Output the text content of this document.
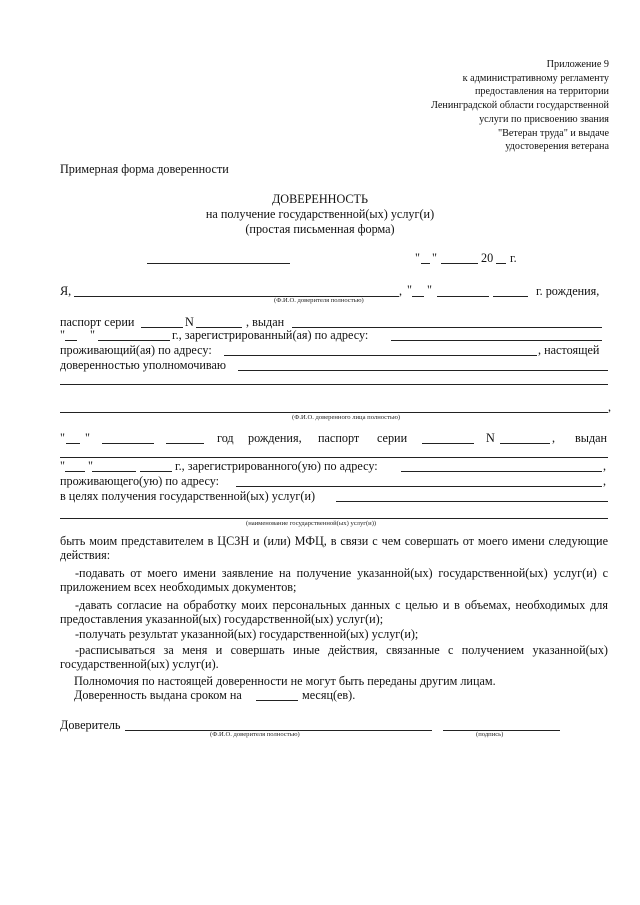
Приложение 9
к административному регламенту
предоставления на территории
Ленинградской области государственной
услуги по присвоению звания
"Ветеран труда" и выдаче
удостоверения ветерана
Примерная форма доверенности
ДОВЕРЕННОСТЬ
на получение государственной(ых) услуг(и)
(простая письменная форма)
" "	20 г.
Я,	, " "	г. рождения,
(Ф.И.О. доверителя полностью)
паспорт серии	N	, выдан
" "	г., зарегистрированный(ая) по адресу:
проживающий(ая) по адресу:	, настоящей
доверенностью уполномочиваю
,
(Ф.И.О. доверенного лица полностью)
" "	год рождения, паспорт серии	N	, выдан
" "	г., зарегистрированного(ую) по адресу:	,
проживающего(ую) по адресу:	,
в целях получения государственной(ых) услуг(и)
(наименование государственной(ых) услуг(и))
быть моим представителем в ЦСЗН и (или) МФЦ, в связи с чем совершать от моего имени следующие действия:
-подавать от моего имени заявление на получение указанной(ых) государственной(ых) услуг(и) с приложением всех необходимых документов;
-давать согласие на обработку моих персональных данных с целью и в объемах, необходимых для предоставления указанной(ых) государственной(ых) услуг(и);
-получать результат указанной(ых) государственной(ых) услуг(и);
-расписываться за меня и совершать иные действия, связанные с получением указанной(ых) государственной(ых) услуг(и).
Полномочия по настоящей доверенности не могут быть переданы другим лицам.
Доверенность выдана сроком на	месяц(ев).
Доверитель
(Ф.И.О. доверителя полностью)	(подпись)
